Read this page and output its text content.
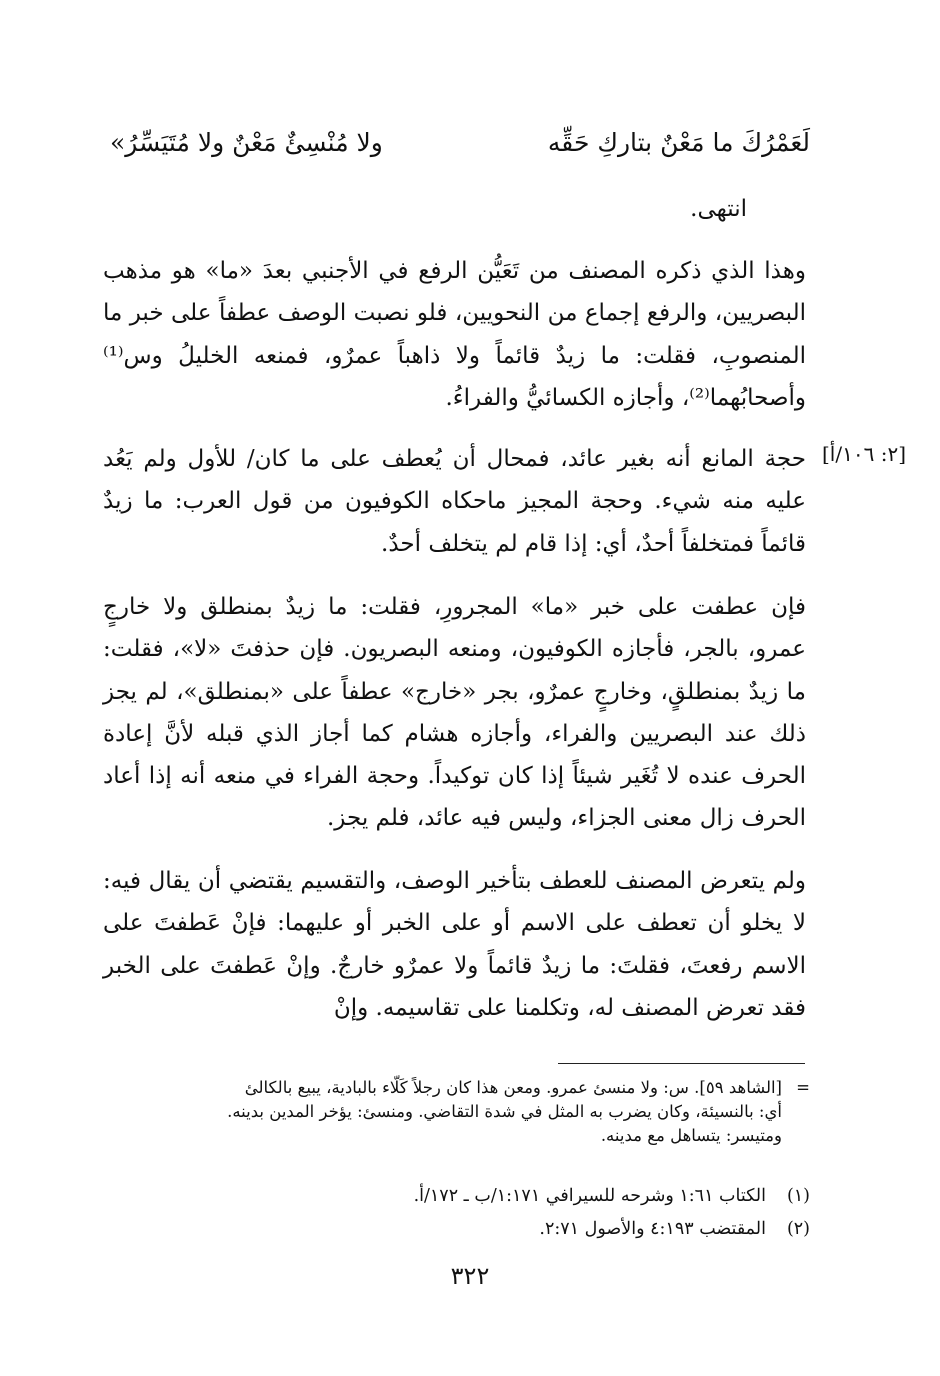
لَعَمْرُكَ ما مَعْنٌ بتاركِ حَقِّه
ولا مُنْسِئٌ مَعْنٌ ولا مُتَيَسِّرُ»
انتهى.
وهذا الذي ذكره المصنف من تَعَيُّن الرفع في الأجنبي بعدَ «ما» هو مذهب البصريين، والرفع إجماع من النحويين، فلو نصبت الوصف عطفاً على خبر ما المنصوبِ، فقلت: ما زيدٌ قائماً ولا ذاهباً عمرٌو، فمنعه الخليلُ وس⁽¹⁾ وأصحابُهما⁽²⁾، وأجازه الكسائيُّ والفراءُ.
حجة المانع أنه بغير عائد، فمحال أن يُعطف على ما كان/ للأول ولم يَعُد عليه منه شيء. وحجة المجيز ماحكاه الكوفيون من قول العرب: ما زيدٌ قائماً فمتخلفاً أحدٌ، أي: إذا قام لم يتخلف أحدٌ.
فإن عطفت على خبر «ما» المجرورِ، فقلت: ما زيدٌ بمنطلق ولا خارجٍ عمرو، بالجر، فأجازه الكوفيون، ومنعه البصريون. فإن حذفتَ «لا»، فقلت: ما زيدٌ بمنطلقٍ، وخارجٍ عمرٌو، بجر «خارج» عطفاً على «بمنطلق»، لم يجز ذلك عند البصريين والفراء، وأجازه هشام كما أجاز الذي قبله لأنَّ إعادة الحرف عنده لا تُغَير شيئاً إذا كان توكيداً. وحجة الفراء في منعه أنه إذا أعاد الحرف زال معنى الجزاء، وليس فيه عائد، فلم يجز.
ولم يتعرض المصنف للعطف بتأخير الوصف، والتقسيم يقتضي أن يقال فيه: لا يخلو أن تعطف على الاسم أو على الخبر أو عليهما: فإنْ عَطفتَ على الاسم رفعتَ، فقلتَ: ما زيدٌ قائماً ولا عمرٌو خارجٌ. وإنْ عَطفتَ على الخبر فقد تعرض المصنف له، وتكلمنا على تقاسيمه. وإنْ
[٢: ١٠٦/أ]
=
[الشاهد ٥٩]. س: ولا منسئ عمرو. ومعن هذا كان رجلاً كَلّاء بالبادية، يبيع بالكالئ
أي: بالنسيئة، وكان يضرب به المثل في شدة التقاضي. ومنسئ: يؤخر المدين بدينه.
ومتيسر: يتساهل مع مدينه.
(١)
الكتاب ١:٦١ وشرحه للسيرافي ١:١٧١/ب ـ ١٧٢/أ.
(٢)
المقتضب ٤:١٩٣ والأصول ٢:٧١.
٣٢٢
